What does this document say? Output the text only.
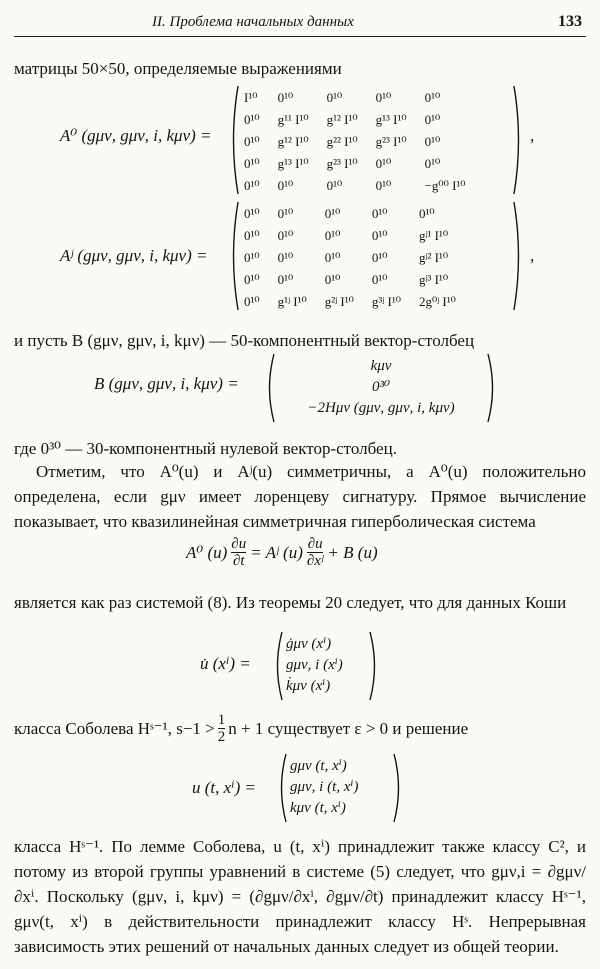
II. Проблема начальных данных	133

матрицы 50×50, определяемые выражениями

A⁰ (gμν, gμν, i, kμν) =
I¹⁰	0¹⁰	0¹⁰	0¹⁰	0¹⁰
0¹⁰	g¹¹ I¹⁰	g¹² I¹⁰	g¹³ I¹⁰	0¹⁰
0¹⁰	g¹² I¹⁰	g²² I¹⁰	g²³ I¹⁰	0¹⁰
0¹⁰	g¹³ I¹⁰	g²³ I¹⁰	0¹⁰	0¹⁰
0¹⁰	0¹⁰	0¹⁰	0¹⁰	−g⁰⁰ I¹⁰
,
Aʲ (gμν, gμν, i, kμν) =
0¹⁰	0¹⁰	0¹⁰	0¹⁰	0¹⁰
0¹⁰	0¹⁰	0¹⁰	0¹⁰	gʲ¹ I¹⁰
0¹⁰	0¹⁰	0¹⁰	0¹⁰	gʲ² I¹⁰
0¹⁰	0¹⁰	0¹⁰	0¹⁰	gʲ³ I¹⁰
0¹⁰	g¹ʲ I¹⁰	g²ʲ I¹⁰	g³ʲ I¹⁰	2g⁰ʲ I¹⁰
,

и пусть B (gμν, gμν, i, kμν) — 50-компонентный вектор-столбец

B (gμν, gμν, i, kμν) =
kμν
0³⁰
−2Hμν (gμν, gμν, i, kμν)

где 0³⁰ — 30-компонентный нулевой вектор-столбец.

Отметим, что A⁰(u) и Aʲ(u) симметричны, а A⁰(u) положительно определена, если gμν имеет лоренцеву сигнатуру. Прямое вычисление показывает, что квазилинейная симметричная гиперболическая система

A⁰ $(u) \frac{\partial u}{\partial t}$ = Aʲ $(u) \frac{\partial u}{\text{∂xʲ}} + B$ (u)

является как раз системой (8). Из теоремы 20 следует, что для данных Коши

u̇ (xⁱ) =
ġμν (xⁱ)
gμν, i (xⁱ)
k̇μν (xⁱ)
класса Соболева Hˢ⁻¹, $s-1 > \frac{1}{2}$ n + 1 существует ε > 0 и решение
u (t, xⁱ) =
gμν (t, xⁱ)
gμν, i (t, xⁱ)
kμν (t, xⁱ)

класса Hˢ⁻¹. По лемме Соболева, u (t, xⁱ) принадлежит также классу C², и потому из второй группы уравнений в системе (5) следует, что gμν,i = ∂gμν/∂xⁱ. Поскольку (gμν, i, kμν) = (∂gμν/∂xⁱ, ∂gμν/∂t) принадлежит классу Hˢ⁻¹, gμν(t, xⁱ) в действительности принадлежит классу Hˢ. Непрерывная зависимость этих решений от начальных данных следует из общей теории.
